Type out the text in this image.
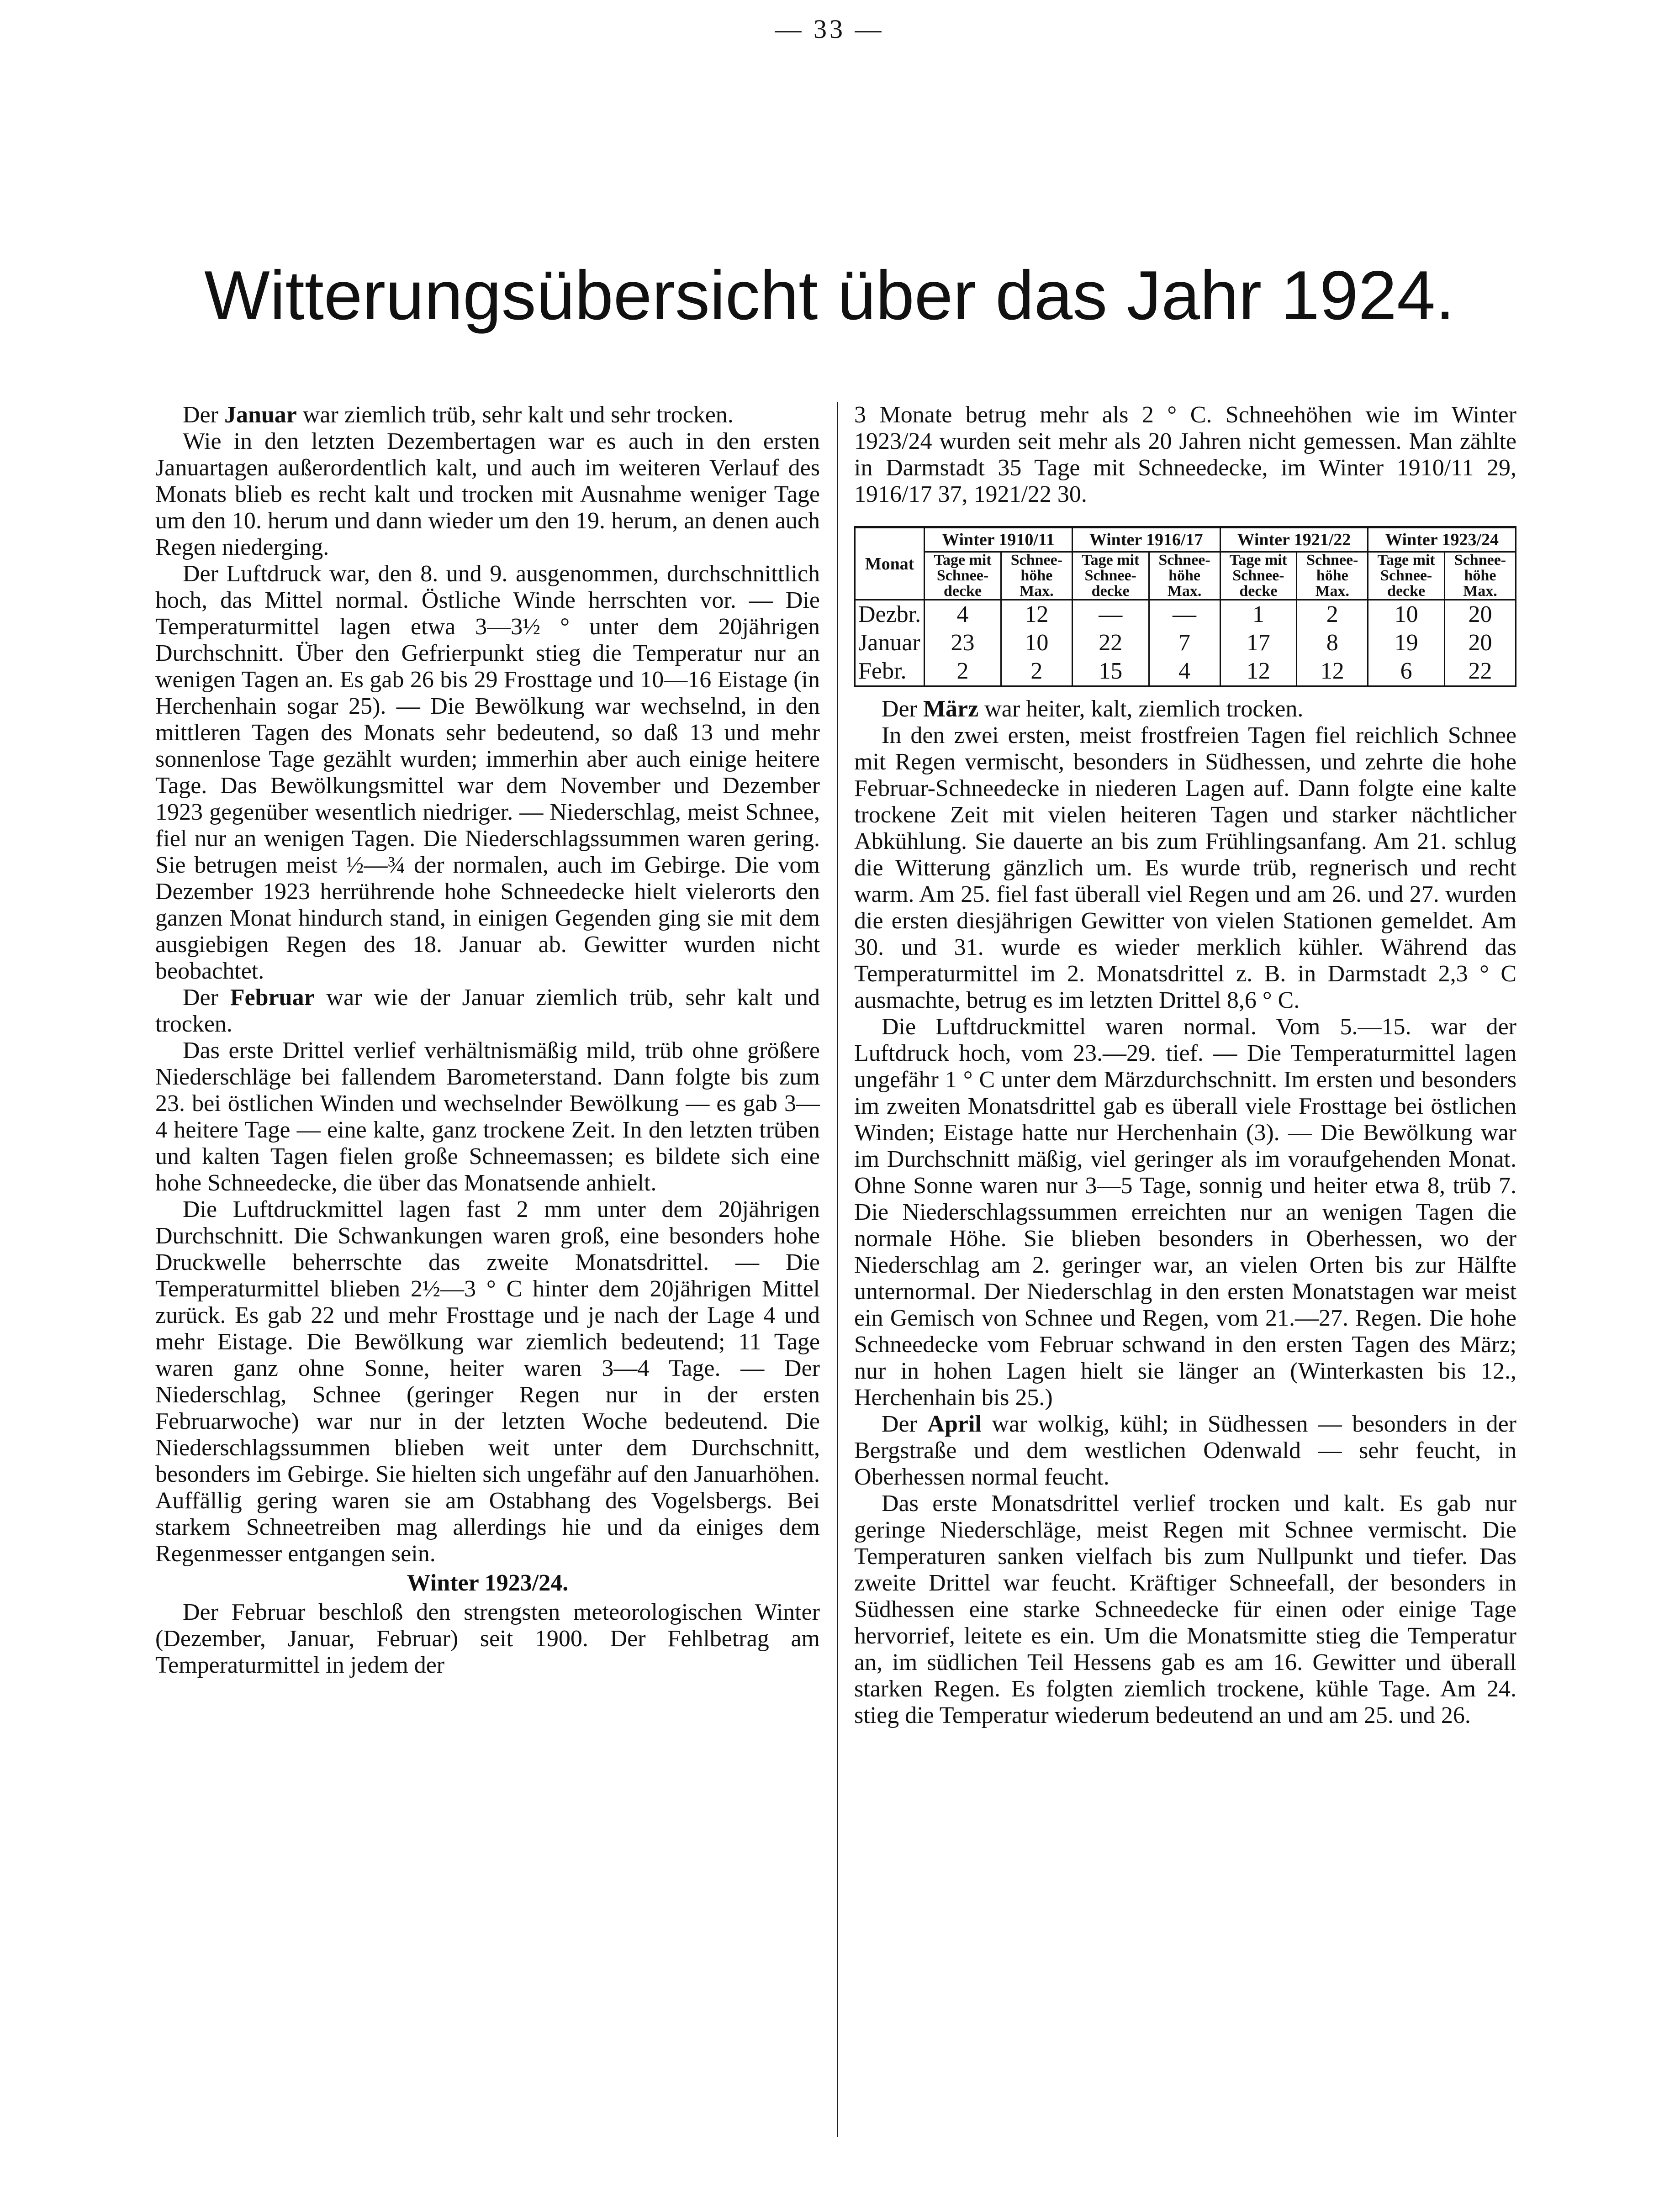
— 33 —
Witterungsübersicht über das Jahr 1924.

Der Januar war ziemlich trüb, sehr kalt und sehr trocken.

Wie in den letzten Dezembertagen war es auch in den ersten Januartagen außerordentlich kalt, und auch im weiteren Verlauf des Monats blieb es recht kalt und trocken mit Ausnahme weniger Tage um den 10. herum und dann wieder um den 19. herum, an denen auch Regen niederging.

Der Luftdruck war, den 8. und 9. ausgenommen, durchschnittlich hoch, das Mittel normal. Östliche Winde herrschten vor. — Die Temperaturmittel lagen etwa 3—3½ ° unter dem 20jährigen Durchschnitt. Über den Gefrierpunkt stieg die Temperatur nur an wenigen Tagen an. Es gab 26 bis 29 Frosttage und 10—16 Eistage (in Herchenhain sogar 25). — Die Bewölkung war wechselnd, in den mittleren Tagen des Monats sehr bedeutend, so daß 13 und mehr sonnenlose Tage gezählt wurden; immerhin aber auch einige heitere Tage. Das Bewölkungsmittel war dem November und Dezember 1923 gegenüber wesentlich niedriger. — Niederschlag, meist Schnee, fiel nur an wenigen Tagen. Die Niederschlagssummen waren gering. Sie betrugen meist ½—¾ der normalen, auch im Gebirge. Die vom Dezember 1923 herrührende hohe Schneedecke hielt vielerorts den ganzen Monat hindurch stand, in einigen Gegenden ging sie mit dem ausgiebigen Regen des 18. Januar ab. Gewitter wurden nicht beobachtet.

Der Februar war wie der Januar ziemlich trüb, sehr kalt und trocken.

Das erste Drittel verlief verhältnismäßig mild, trüb ohne größere Niederschläge bei fallendem Barometerstand. Dann folgte bis zum 23. bei östlichen Winden und wechselnder Bewölkung — es gab 3—4 heitere Tage — eine kalte, ganz trockene Zeit. In den letzten trüben und kalten Tagen fielen große Schneemassen; es bildete sich eine hohe Schneedecke, die über das Monatsende anhielt.

Die Luftdruckmittel lagen fast 2 mm unter dem 20jährigen Durchschnitt. Die Schwankungen waren groß, eine besonders hohe Druckwelle beherrschte das zweite Monatsdrittel. — Die Temperaturmittel blieben 2½—3 ° C hinter dem 20jährigen Mittel zurück. Es gab 22 und mehr Frosttage und je nach der Lage 4 und mehr Eistage. Die Bewölkung war ziemlich bedeutend; 11 Tage waren ganz ohne Sonne, heiter waren 3—4 Tage. — Der Niederschlag, Schnee (geringer Regen nur in der ersten Februarwoche) war nur in der letzten Woche bedeutend. Die Niederschlagssummen blieben weit unter dem Durchschnitt, besonders im Gebirge. Sie hielten sich ungefähr auf den Januarhöhen. Auffällig gering waren sie am Ostabhang des Vogelsbergs. Bei starkem Schneetreiben mag allerdings hie und da einiges dem Regenmesser entgangen sein.

Winter 1923/24.

Der Februar beschloß den strengsten meteorologischen Winter (Dezember, Januar, Februar) seit 1900. Der Fehlbetrag am Temperaturmittel in jedem der

3 Monate betrug mehr als 2 ° C. Schneehöhen wie im Winter 1923/24 wurden seit mehr als 20 Jahren nicht gemessen. Man zählte in Darmstadt 35 Tage mit Schneedecke, im Winter 1910/11 29, 1916/17 37, 1921/22 30.

Monat	Winter 1910/11		Winter 1916/17		Winter 1921/22		Winter 1923/24	
	Tage mit Schnee-decke	Schnee-höhe Max.	Tage mit Schnee-decke	Schnee-höhe Max.	Tage mit Schnee-decke	Schnee-höhe Max.	Tage mit Schnee-decke	Schnee-höhe Max.
Dezbr.	4	12	—	—	1	2	10	20
Januar	23	10	22	7	17	8	19	20
Febr.	2	2	15	4	12	12	6	22

Der März war heiter, kalt, ziemlich trocken.

In den zwei ersten, meist frostfreien Tagen fiel reichlich Schnee mit Regen vermischt, besonders in Südhessen, und zehrte die hohe Februar-Schneedecke in niederen Lagen auf. Dann folgte eine kalte trockene Zeit mit vielen heiteren Tagen und starker nächtlicher Abkühlung. Sie dauerte an bis zum Frühlingsanfang. Am 21. schlug die Witterung gänzlich um. Es wurde trüb, regnerisch und recht warm. Am 25. fiel fast überall viel Regen und am 26. und 27. wurden die ersten diesjährigen Gewitter von vielen Stationen gemeldet. Am 30. und 31. wurde es wieder merklich kühler. Während das Temperaturmittel im 2. Monatsdrittel z. B. in Darmstadt 2,3 ° C ausmachte, betrug es im letzten Drittel 8,6 ° C.

Die Luftdruckmittel waren normal. Vom 5.—15. war der Luftdruck hoch, vom 23.—29. tief. — Die Temperaturmittel lagen ungefähr 1 ° C unter dem Märzdurchschnitt. Im ersten und besonders im zweiten Monatsdrittel gab es überall viele Frosttage bei östlichen Winden; Eistage hatte nur Herchenhain (3). — Die Bewölkung war im Durchschnitt mäßig, viel geringer als im voraufgehenden Monat. Ohne Sonne waren nur 3—5 Tage, sonnig und heiter etwa 8, trüb 7. Die Niederschlagssummen erreichten nur an wenigen Tagen die normale Höhe. Sie blieben besonders in Oberhessen, wo der Niederschlag am 2. geringer war, an vielen Orten bis zur Hälfte unternormal. Der Niederschlag in den ersten Monatstagen war meist ein Gemisch von Schnee und Regen, vom 21.—27. Regen. Die hohe Schneedecke vom Februar schwand in den ersten Tagen des März; nur in hohen Lagen hielt sie länger an (Winterkasten bis 12., Herchenhain bis 25.)

Der April war wolkig, kühl; in Südhessen — besonders in der Bergstraße und dem westlichen Odenwald — sehr feucht, in Oberhessen normal feucht.

Das erste Monatsdrittel verlief trocken und kalt. Es gab nur geringe Niederschläge, meist Regen mit Schnee vermischt. Die Temperaturen sanken vielfach bis zum Nullpunkt und tiefer. Das zweite Drittel war feucht. Kräftiger Schneefall, der besonders in Südhessen eine starke Schneedecke für einen oder einige Tage hervorrief, leitete es ein. Um die Monatsmitte stieg die Temperatur an, im südlichen Teil Hessens gab es am 16. Gewitter und überall starken Regen. Es folgten ziemlich trockene, kühle Tage. Am 24. stieg die Temperatur wiederum bedeutend an und am 25. und 26.
